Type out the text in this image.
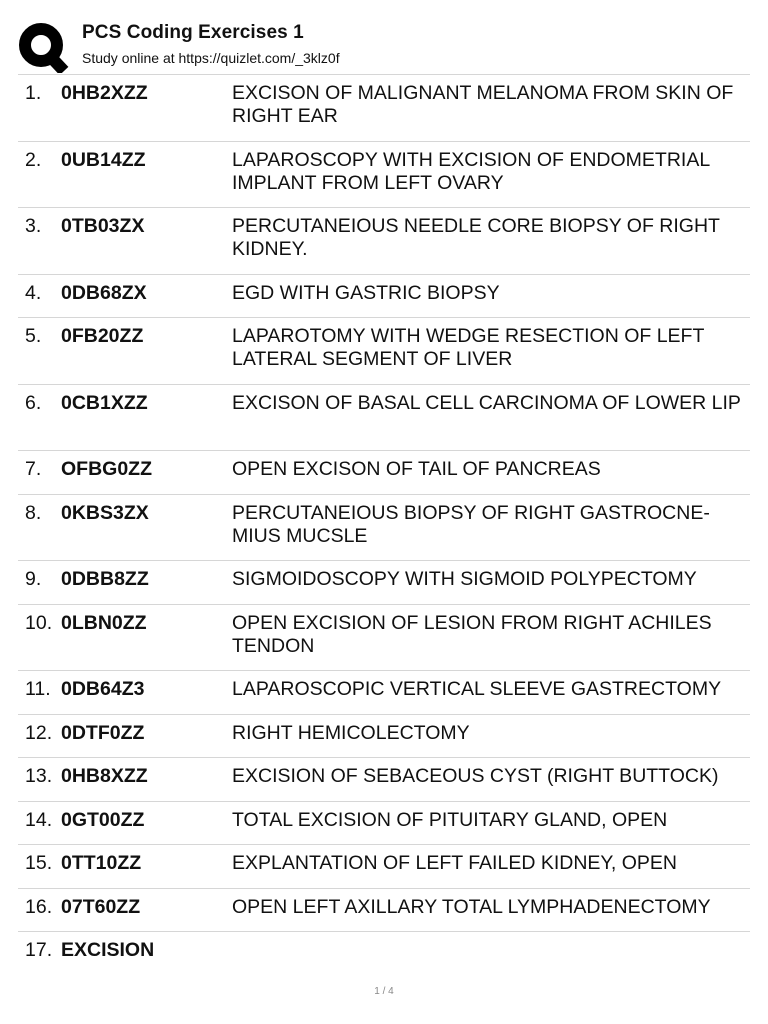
PCS Coding Exercises 1
Study online at https://quizlet.com/_3klz0f
1. 0HB2XZZ	EXCISON OF MALIGNANT MELANOMA FROM SKIN OF RIGHT EAR
2. 0UB14ZZ	LAPAROSCOPY WITH EXCISION OF ENDOMETRIAL IMPLANT FROM LEFT OVARY
3. 0TB03ZX	PERCUTANEIOUS NEEDLE CORE BIOPSY OF RIGHT KIDNEY.
4. 0DB68ZX	EGD WITH GASTRIC BIOPSY
5. 0FB20ZZ	LAPAROTOMY WITH WEDGE RESECTION OF LEFT LATERAL SEGMENT OF LIVER
6. 0CB1XZZ	EXCISON OF BASAL CELL CARCINOMA OF LOWER LIP
7. OFBG0ZZ	OPEN EXCISON OF TAIL OF PANCREAS
8. 0KBS3ZX	PERCUTANEIOUS BIOPSY OF RIGHT GASTROCNE- MIUS MUCSLE
9. 0DBB8ZZ	SIGMOIDOSCOPY WITH SIGMOID POLYPECTOMY
10. 0LBN0ZZ	OPEN EXCISION OF LESION FROM RIGHT ACHILES TENDON
11. 0DB64Z3	LAPAROSCOPIC VERTICAL SLEEVE GASTRECTOMY
12. 0DTF0ZZ	RIGHT HEMICOLECTOMY
13. 0HB8XZZ	EXCISION OF SEBACEOUS CYST (RIGHT BUTTOCK)
14. 0GT00ZZ	TOTAL EXCISION OF PITUITARY GLAND, OPEN
15. 0TT10ZZ	EXPLANTATION OF LEFT FAILED KIDNEY, OPEN
16. 07T60ZZ	OPEN LEFT AXILLARY TOTAL LYMPHADENECTOMY
17. EXCISION
1 / 4
